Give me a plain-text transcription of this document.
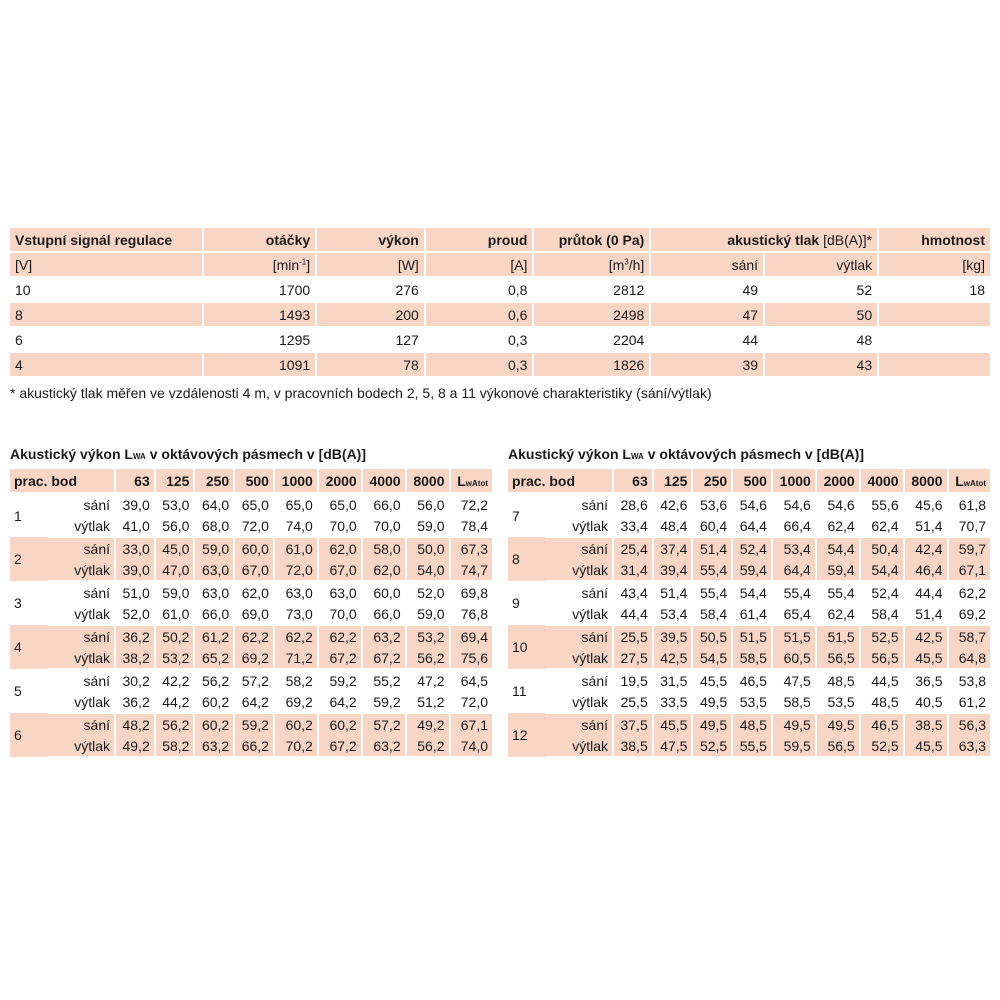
Vstupní signál regulace	otáčky	výkon	proud	průtok (0 Pa)	akustický tlak [dB(A)]*		hmotnost
[V]	$[\min^{-1}]$	[W]	[A]	$[m^3/h]$	sání	výtlak	[kg]
10	1700	276	0,8	2812	49	52	18
8	1493	200	0,6	2498	47	50	
6	1295	127	0,3	2204	44	48	
4	1091	78	0,3	1826	39	43	
* akustický tlak měřen ve vzdálenosti 4 m, v pracovních bodech 2, 5, 8 a 11 výkonové charakteristiky (sání/výtlak)
Akustický výkon LWA v oktávových pásmech v [dB(A)]	Akustický výkon LWA v oktávových pásmech v [dB(A)]
prac. bod		63	125	250	500	1000	2000	4000	8000	LwAtot
1	sání	39,0	53,0	64,0	65,0	65,0	65,0	66,0	56,0	72,2
	výtlak	41,0	56,0	68,0	72,0	74,0	70,0	70,0	59,0	78,4
2	sání	33,0	45,0	59,0	60,0	61,0	62,0	58,0	50,0	67,3
	výtlak	39,0	47,0	63,0	67,0	72,0	67,0	62,0	54,0	74,7
3	sání	51,0	59,0	63,0	62,0	63,0	63,0	60,0	52,0	69,8
	výtlak	52,0	61,0	66,0	69,0	73,0	70,0	66,0	59,0	76,8
4	sání	36,2	50,2	61,2	62,2	62,2	62,2	63,2	53,2	69,4
	výtlak	38,2	53,2	65,2	69,2	71,2	67,2	67,2	56,2	75,6
5	sání	30,2	42,2	56,2	57,2	58,2	59,2	55,2	47,2	64,5
	výtlak	36,2	44,2	60,2	64,2	69,2	64,2	59,2	51,2	72,0
6	sání	48,2	56,2	60,2	59,2	60,2	60,2	57,2	49,2	67,1
	výtlak	49,2	58,2	63,2	66,2	70,2	67,2	63,2	56,2	74,0
prac. bod		63	125	250	500	1000	2000	4000	8000	LwAtot
7	sání	28,6	42,6	53,6	54,6	54,6	54,6	55,6	45,6	61,8
	výtlak	33,4	48,4	60,4	64,4	66,4	62,4	62,4	51,4	70,7
8	sání	25,4	37,4	51,4	52,4	53,4	54,4	50,4	42,4	59,7
	výtlak	31,4	39,4	55,4	59,4	64,4	59,4	54,4	46,4	67,1
9	sání	43,4	51,4	55,4	54,4	55,4	55,4	52,4	44,4	62,2
	výtlak	44,4	53,4	58,4	61,4	65,4	62,4	58,4	51,4	69,2
10	sání	25,5	39,5	50,5	51,5	51,5	51,5	52,5	42,5	58,7
	výtlak	27,5	42,5	54,5	58,5	60,5	56,5	56,5	45,5	64,8
11	sání	19,5	31,5	45,5	46,5	47,5	48,5	44,5	36,5	53,8
	výtlak	25,5	33,5	49,5	53,5	58,5	53,5	48,5	40,5	61,2
12	sání	37,5	45,5	49,5	48,5	49,5	49,5	46,5	38,5	56,3
	výtlak	38,5	47,5	52,5	55,5	59,5	56,5	52,5	45,5	63,3
